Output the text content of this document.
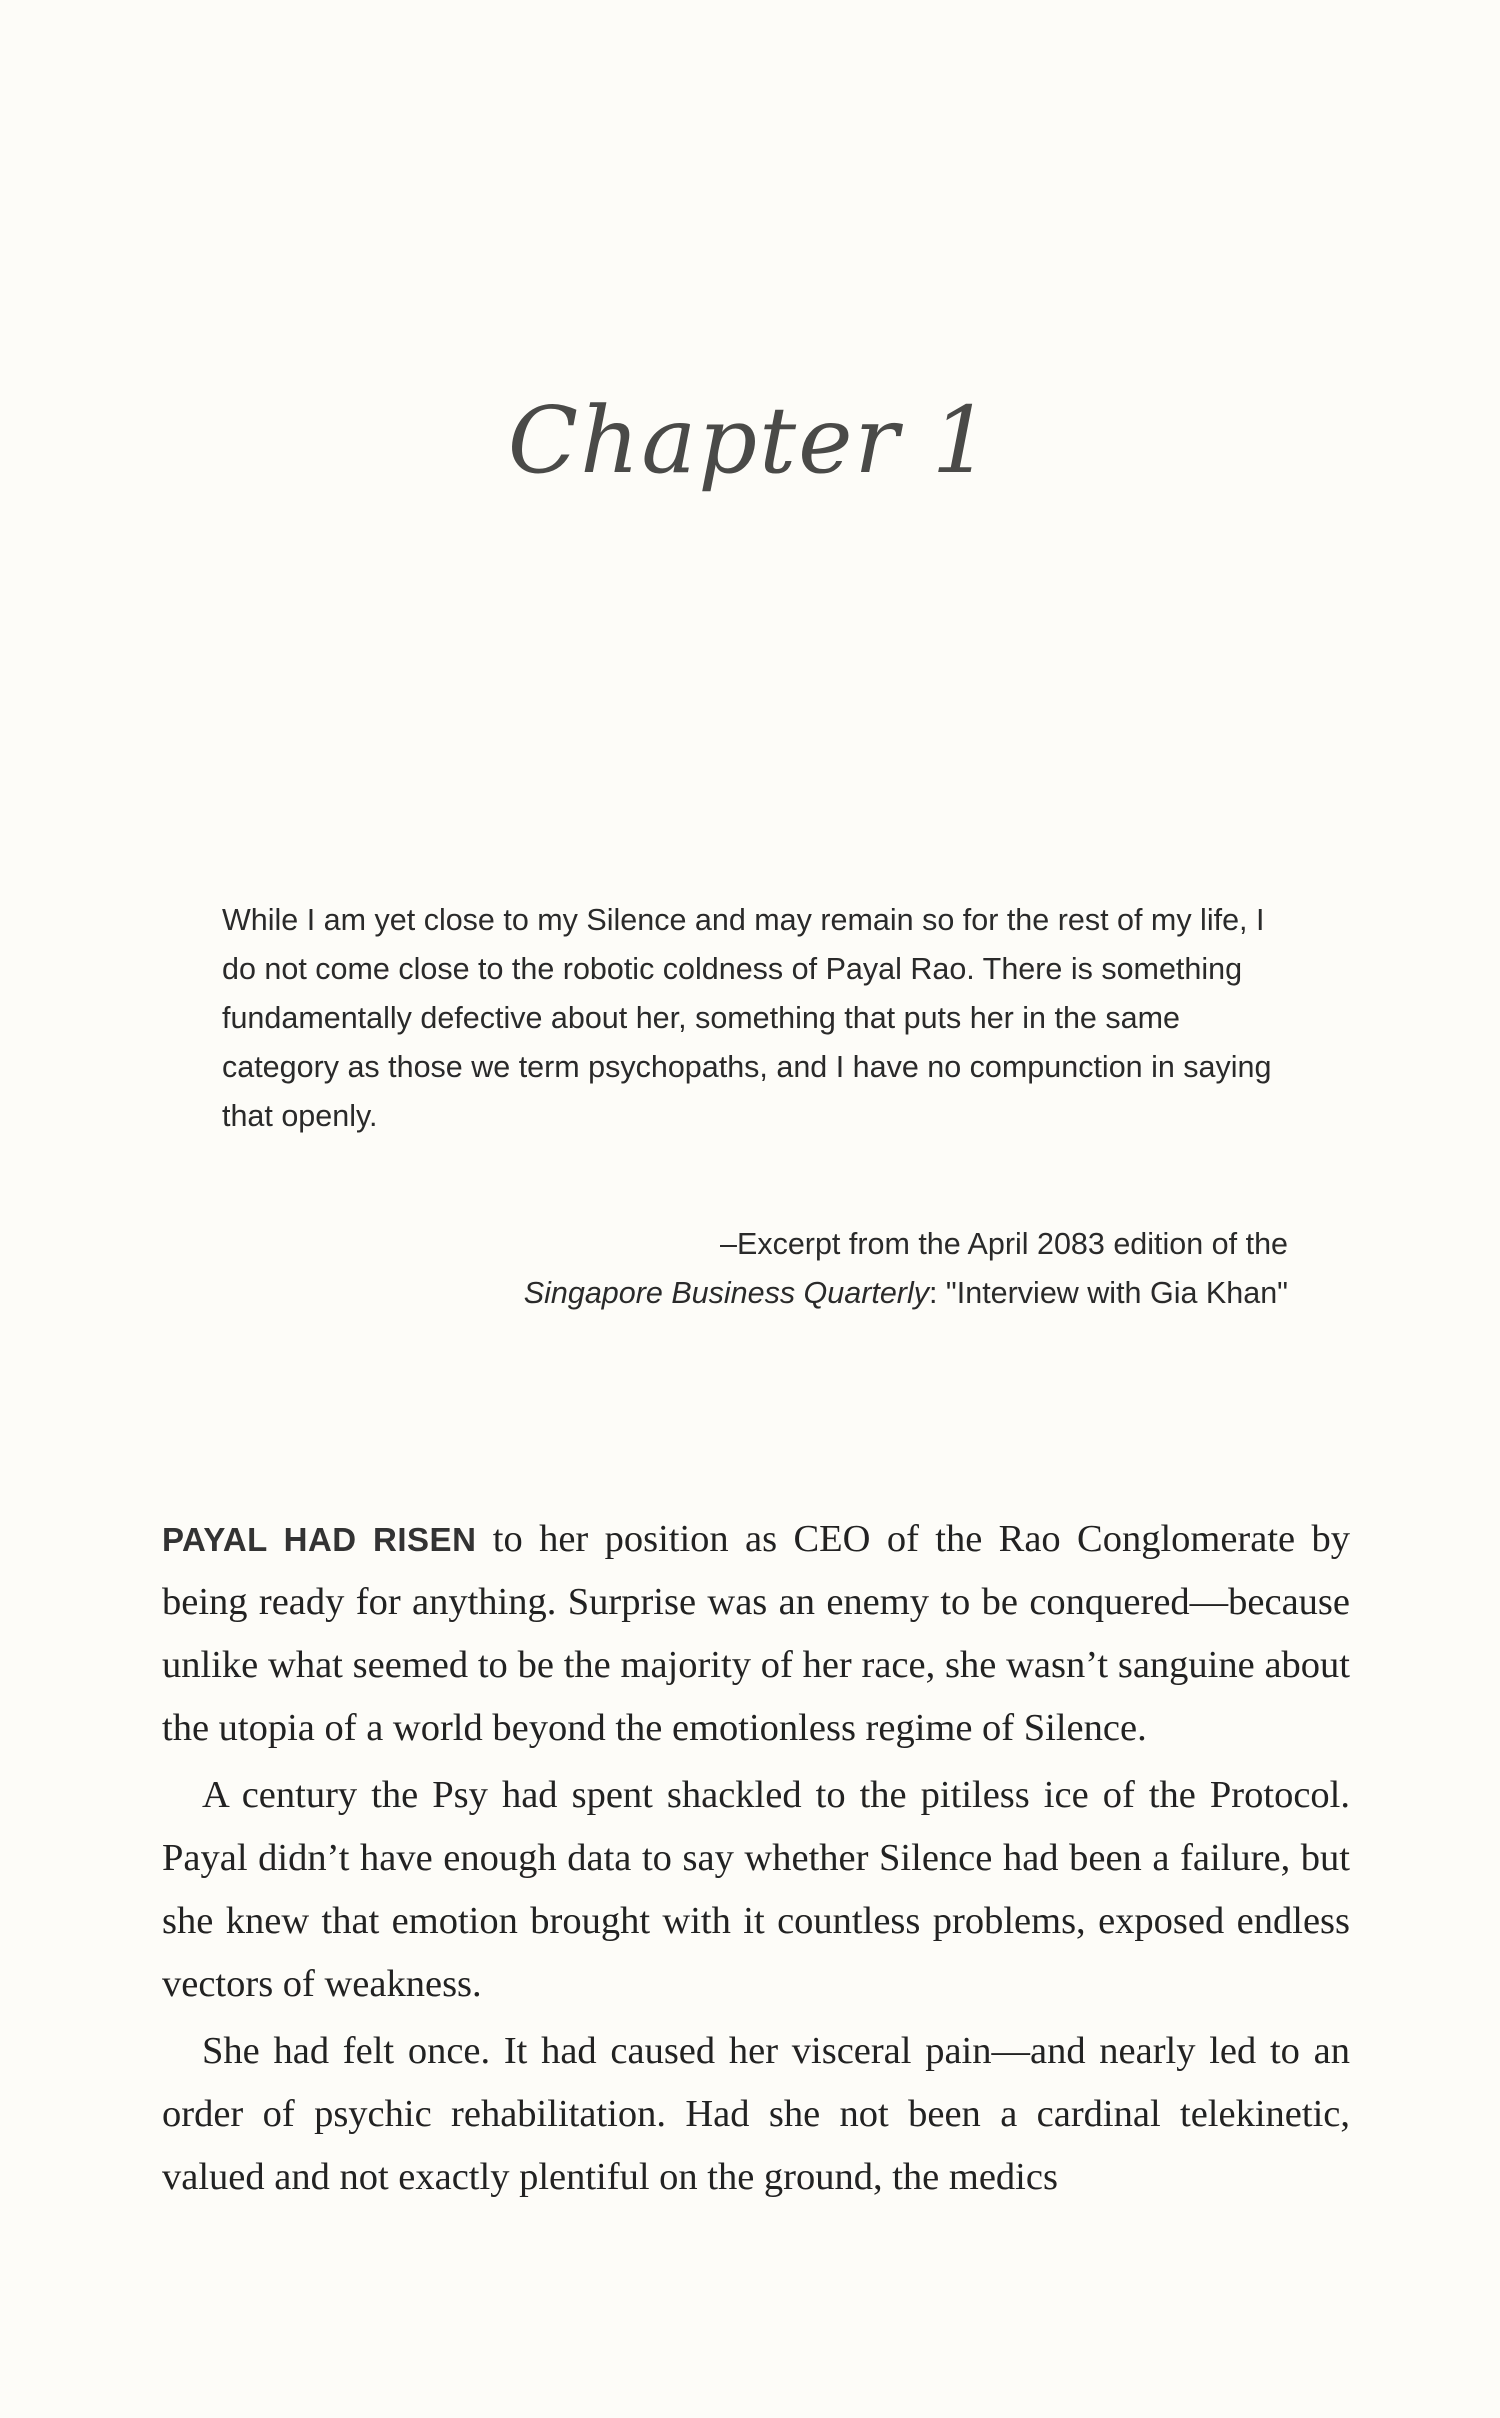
Chapter 1

While I am yet close to my Silence and may remain so for the rest of my life, I do not come close to the robotic coldness of Payal Rao. There is something fundamentally defective about her, something that puts her in the same category as those we term psychopaths, and I have no compunction in saying that openly.

–Excerpt from the April 2083 edition of the
Singapore Business Quarterly: "Interview with Gia Khan"

PAYAL HAD RISEN to her position as CEO of the Rao Conglomerate by being ready for anything. Surprise was an enemy to be conquered—because unlike what seemed to be the majority of her race, she wasn’t sanguine about the utopia of a world beyond the emotionless regime of Silence.

A century the Psy had spent shackled to the pitiless ice of the Protocol. Payal didn’t have enough data to say whether Silence had been a failure, but she knew that emotion brought with it countless problems, exposed endless vectors of weakness.

She had felt once. It had caused her visceral pain—and nearly led to an order of psychic rehabilitation. Had she not been a cardinal telekinetic, valued and not exactly plentiful on the ground, the medics
